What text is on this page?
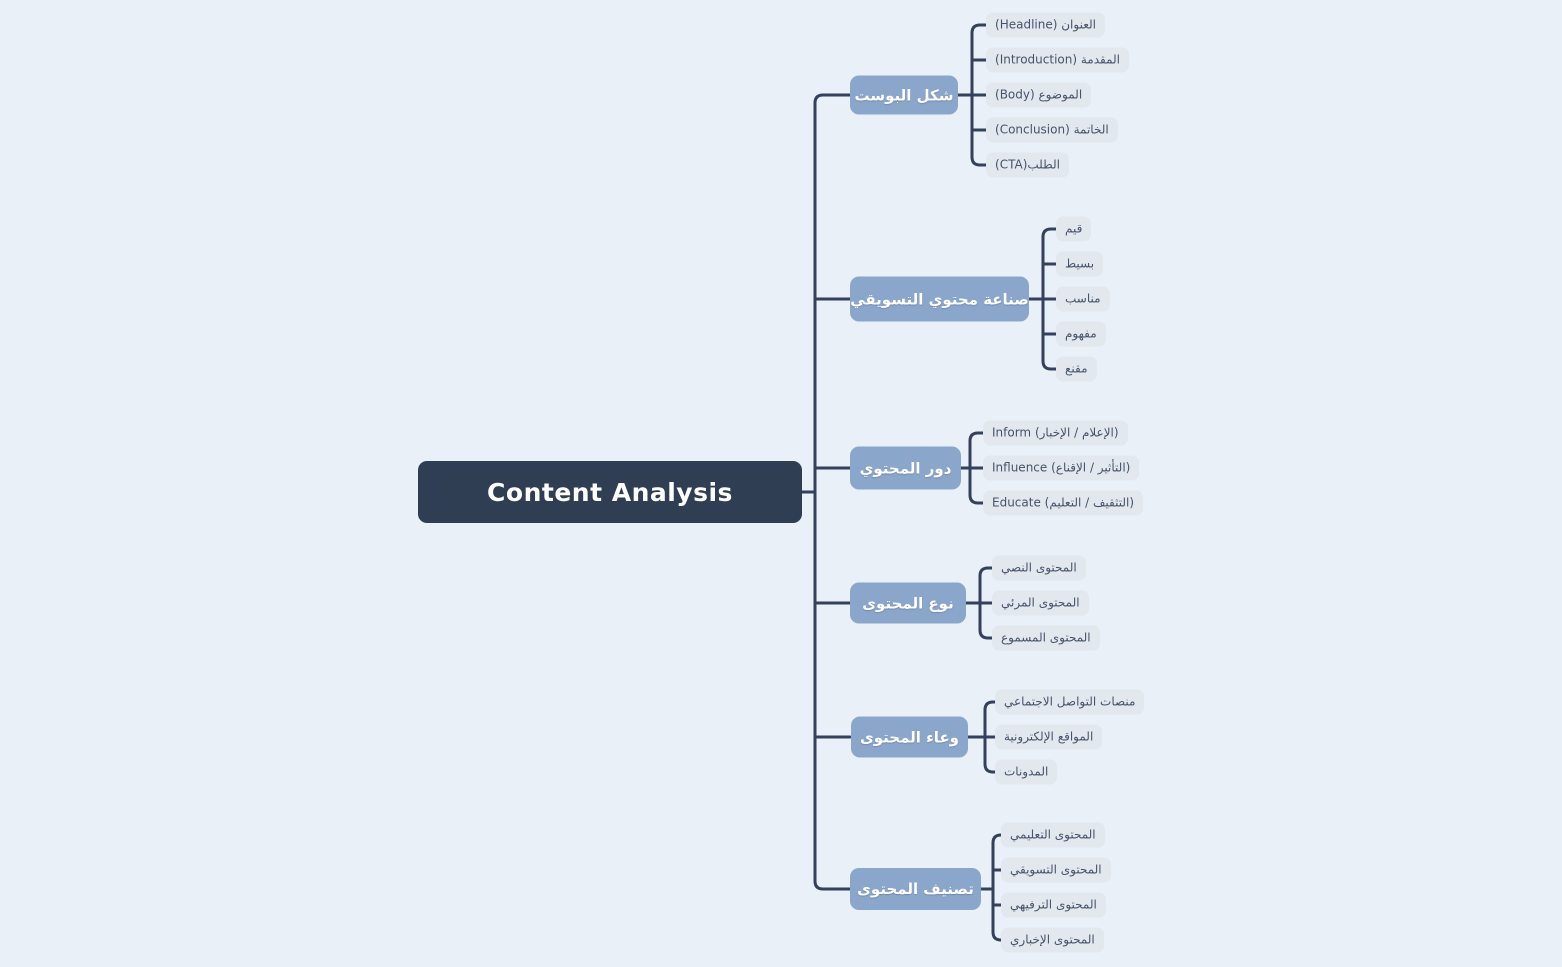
Content Analysis
شكل البوست
صناعة محتوي التسويقي
دور المحتوي
نوع المحتوى
وعاء المحتوى
تصنيف المحتوى
العنوان (Headline)
المقدمة (Introduction)
الموضوع (Body)
الخاتمة (Conclusion)
الطلب(CTA)
قيم
بسيط
مناسب
مفهوم
مقنع
Inform (الإعلام / الإخبار)
Influence (التأثير / الإقناع)
Educate (التثقيف / التعليم)
المحتوى النصي
المحتوى المرئي
المحتوى المسموع
منصات التواصل الاجتماعي
المواقع الإلكترونية
المدونات
المحتوى التعليمي
المحتوى التسويقي
المحتوى الترفيهي
المحتوى الإخباري
